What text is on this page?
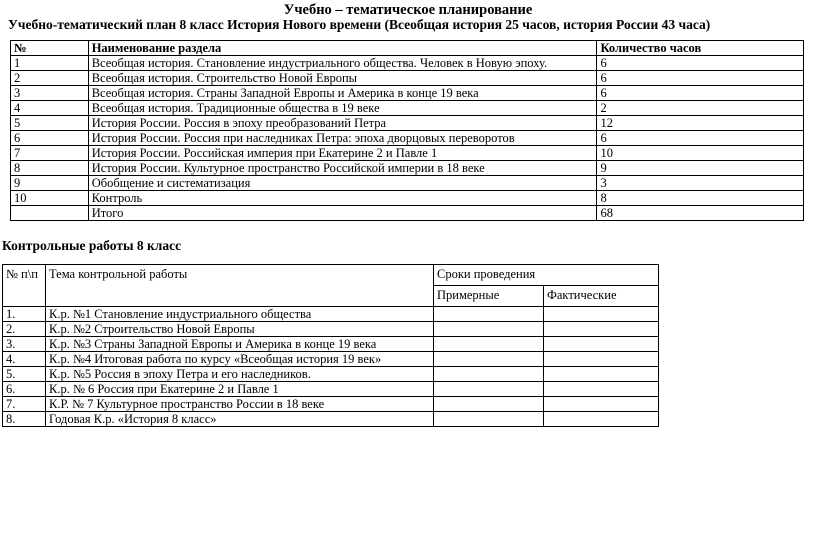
Учебно – тематическое планирование
Учебно-тематический план 8 класс История Нового времени (Всеобщая история 25 часов, история России 43 часа)
№	Наименование раздела	Количество часов
1	Всеобщая история. Становление индустриального общества. Человек в Новую эпоху.	6
2	Всеобщая история. Строительство Новой Европы	6
3	Всеобщая история. Страны Западной Европы и Америка в конце 19 века	6
4	Всеобщая история. Традиционные общества в 19 веке	2
5	История России. Россия в эпоху преобразований Петра	12
6	История России. Россия при наследниках Петра: эпоха дворцовых переворотов	6
7	История России. Российская империя при Екатерине 2 и Павле 1	10
8	История России. Культурное пространство Российской империи в 18 веке	9
9	Обобщение и систематизация	3
10	Контроль	8
	Итого	68
Контрольные работы 8 класс
№ п\п	Тема контрольной работы	Сроки проведения	
		Примерные	Фактические
1.	К.р. №1 Становление индустриального общества		
2.	К.р. №2 Строительство Новой Европы		
3.	К.р. №3 Страны Западной Европы и Америка в конце 19 века		
4.	К.р. №4 Итоговая работа по курсу «Всеобщая история 19 век»		
5.	К.р. №5 Россия в эпоху Петра и его наследников.		
6.	К.р. № 6 Россия при Екатерине 2 и Павле 1		
7.	К.Р. № 7 Культурное пространство России в 18 веке		
8.	Годовая К.р. «История 8 класс»		
